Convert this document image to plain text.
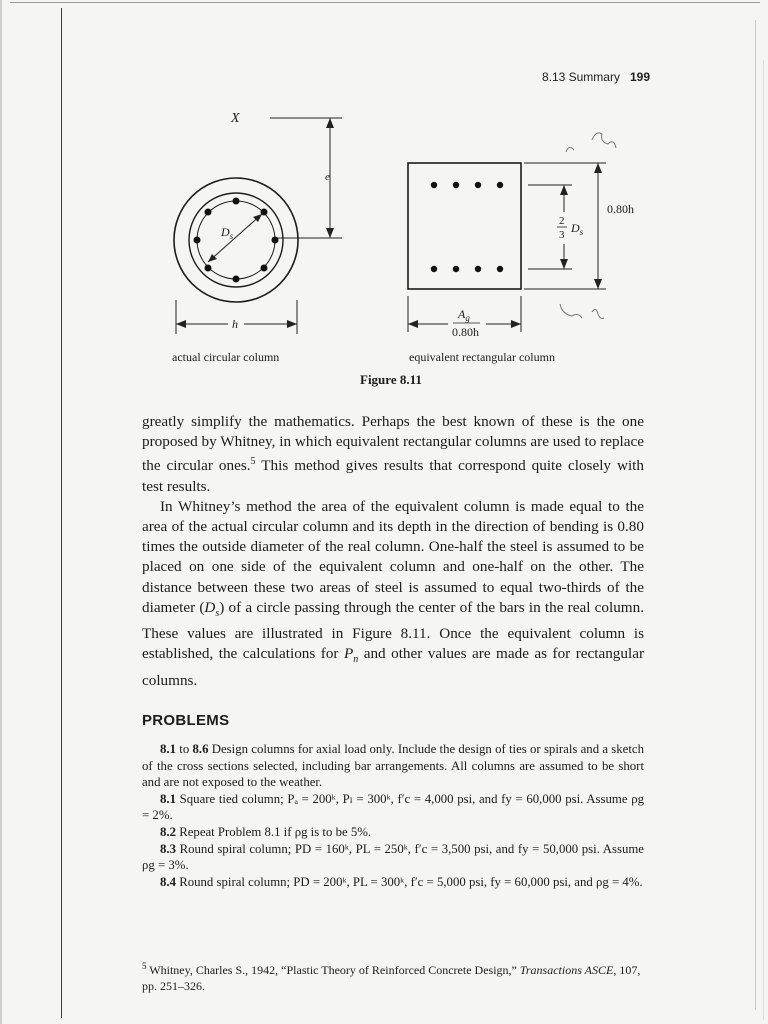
8.13 Summary 199
X
e
$D_s$
h
actual circular column
0.80h
2
3 $D_s$
$A_g$
0.80h
equivalent rectangular column
Figure 8.11

greatly simplify the mathematics. Perhaps the best known of these is the one proposed by Whitney, in which equivalent rectangular columns are used to replace the circular ones.$^5$ This method gives results that correspond quite closely with test results.

In Whitney’s method the area of the equivalent column is made equal to the area of the actual circular column and its depth in the direction of bending is 0.80 times the outside diameter of the real column. One-half the steel is assumed to be placed on one side of the equivalent column and one-half on the other. The distance between these two areas of steel is assumed to equal two-thirds of the diameter $(D_s)$ of a circle passing through the center of the bars in the real column. These values are illustrated in Figure 8.11. Once the equivalent column is established, the calculations for $P_n$ and other values are made as for rectangular columns.

PROBLEMS

8.1 to 8.6 Design columns for axial load only. Include the design of ties or spirals and a sketch of the cross sections selected, including bar arrangements. All columns are assumed to be short and are not exposed to the weather.

8.1 Square tied column; Pₐ = 200ᵏ, Pₗ = 300ᵏ, f′c = 4,000 psi, and fy = 60,000 psi. Assume ρg = 2%.

8.2 Repeat Problem 8.1 if ρg is to be 5%.

8.3 Round spiral column; PD = 160ᵏ, PL = 250ᵏ, f′c = 3,500 psi, and fy = 50,000 psi. Assume ρg = 3%.

8.4 Round spiral column; PD = 200ᵏ, PL = 300ᵏ, f′c = 5,000 psi, fy = 60,000 psi, and ρg = 4%.

$^5$ Whitney, Charles S., 1942, “Plastic Theory of Reinforced Concrete Design,” Transactions ASCE, 107, pp. 251–326.
